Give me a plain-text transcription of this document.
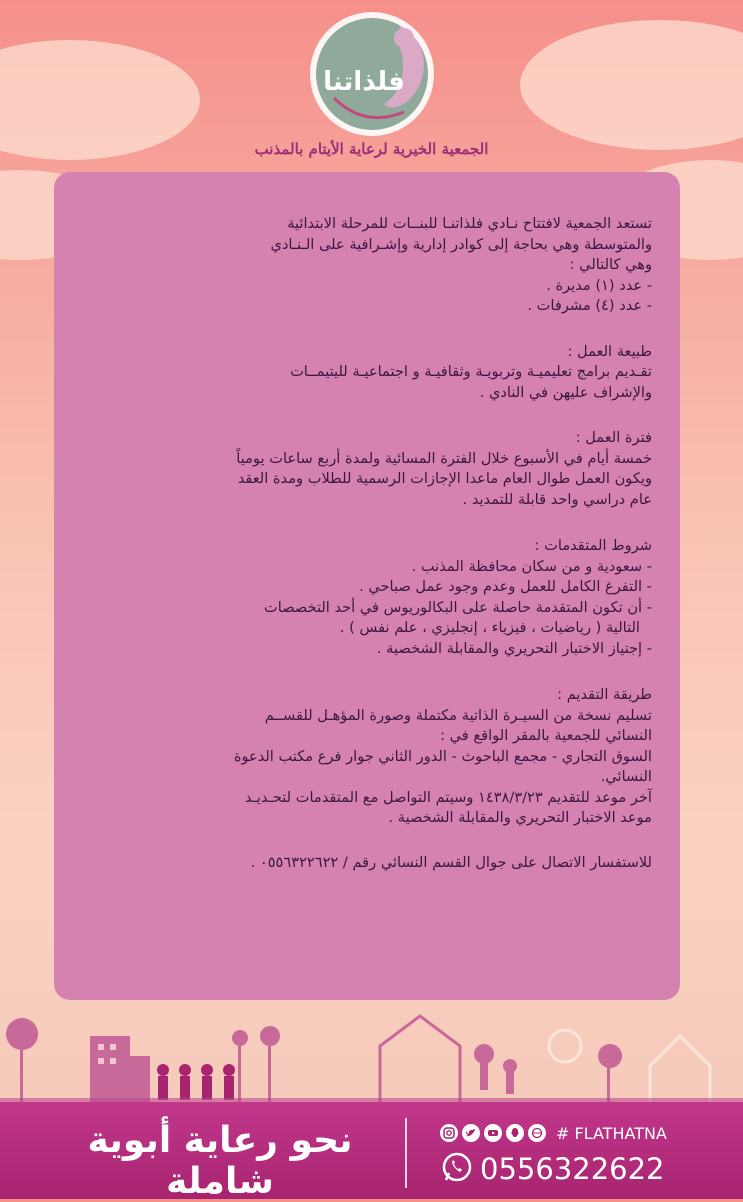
فلذاتنا
الجمعية الخيرية لرعاية الأيتام بالمذنب

تستعد الجمعية لافتتاح نـادي فلذاتنـا للبنــات للمرحلة الابتدائية

والمتوسطة وهي بحاجة إلى كوادر إدارية وإشـرافية على الـنـادي

وهي كالتالي :

- عدد (١) مديرة .

- عدد (٤) مشرفات .

طبيعة العمل :

تقـديم برامج تعليميـة وتربويـة وثقافيـة و اجتماعيـة لليتيمــات

والإشراف عليهن في النادي .

فترة العمل :

خمسة أيام في الأسبوع خلال الفترة المسائية ولمدة أربع ساعات يومياً

ويكون العمل طوال العام ماعدا الإجازات الرسمية للطلاب ومدة العقد

عام دراسي واحد قابلة للتمديد .

شروط المتقدمات :

- سعودية و من سكان محافظة المذنب .

- التفرغ الكامل للعمل وعدم وجود عمل صباحي .

- أن تكون المتقدمة حاصلة على البكالوريوس في أحد التخصصات

التالية ( رياضيات ، فيزياء ، إنجليزي ، علم نفس ) .

- إجتياز الاختبار التحريري والمقابلة الشخصية .

طريقة التقديم :

تسليم نسخة من السيـرة الذاتية مكتملة وصورة المؤهـل للقســم

النسائي للجمعية بالمقر الواقع في :

السوق التجاري - مجمع الباحوث - الدور الثاني جوار فرع مكتب الدعوة

النسائي.

آخر موعد للتقديم ١٤٣٨/٣/٢٣ وسيتم التواصل مع المتقدمات لتحـديـد

موعد الاختبار التحريري والمقابلة الشخصية .

للاستفسار الاتصال على جوال القسم النسائي رقم / ٠٥٥٦٣٢٢٦٢٢ .

نحو رعاية أبوية شاملة
# FLATHATNA
0556322622
